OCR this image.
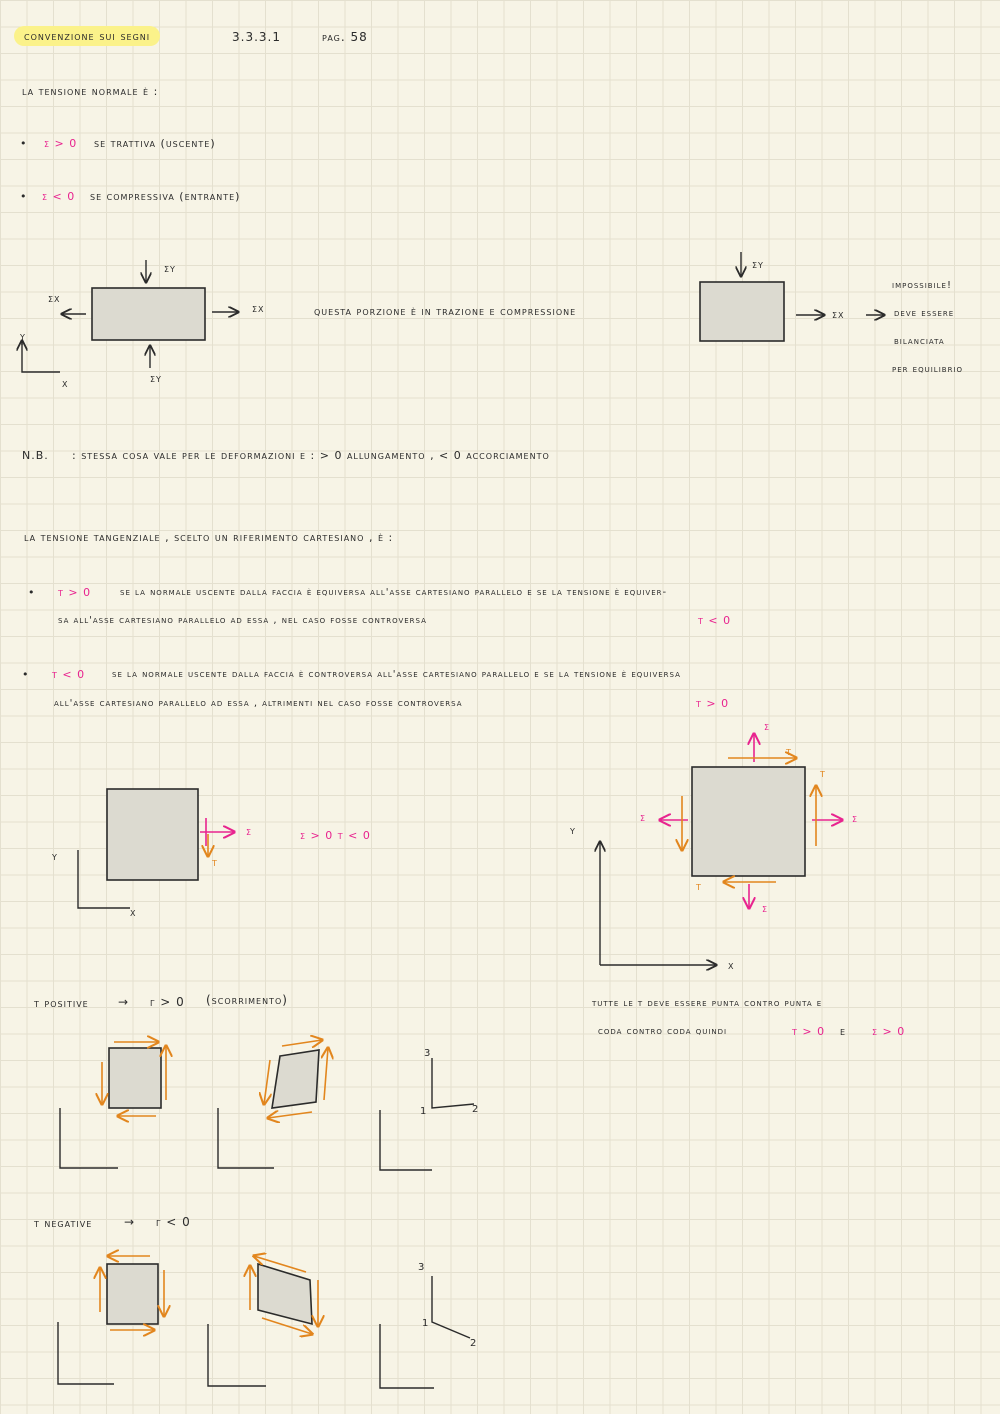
convenzione sui segni	3.3.3.1	pag. 58
la tensione normale è :
• σ > 0 se trattiva (uscente)
• σ < 0 se compressiva (entrante)
σy
σx
σx
σy
y
x
questa porzione è in trazione e compressione
σy
σx
impossibile!
deve essere
bilanciata
per equilibrio
N.B. : stessa cosa vale per le deformazioni ε : > 0 allungamento , < 0 accorciamento
la tensione tangenziale , scelto un riferimento cartesiano , è :
• τ > 0	se la normale uscente dalla faccia è equiversa all'asse cartesiano parallelo e se la tensione è equiver-
sa all'asse cartesiano parallelo ad essa , nel caso fosse controversa	τ < 0
• τ < 0	se la normale uscente dalla faccia è controversa all'asse cartesiano parallelo e se la tensione è equiversa
all'asse cartesiano parallelo ad essa , altrimenti nel caso fosse controversa	τ > 0
σ
τ
σ > 0 τ < 0
y
x
σ
τ
τ
σ
σ
τ
σ
y
x
tutte le τ deve essere punta contro punta e
coda contro coda quindi	τ > 0 e σ > 0
τ positive → γ > 0 (scorrimento)
τ negative	→ γ < 0
3
1	2
3
1
2
